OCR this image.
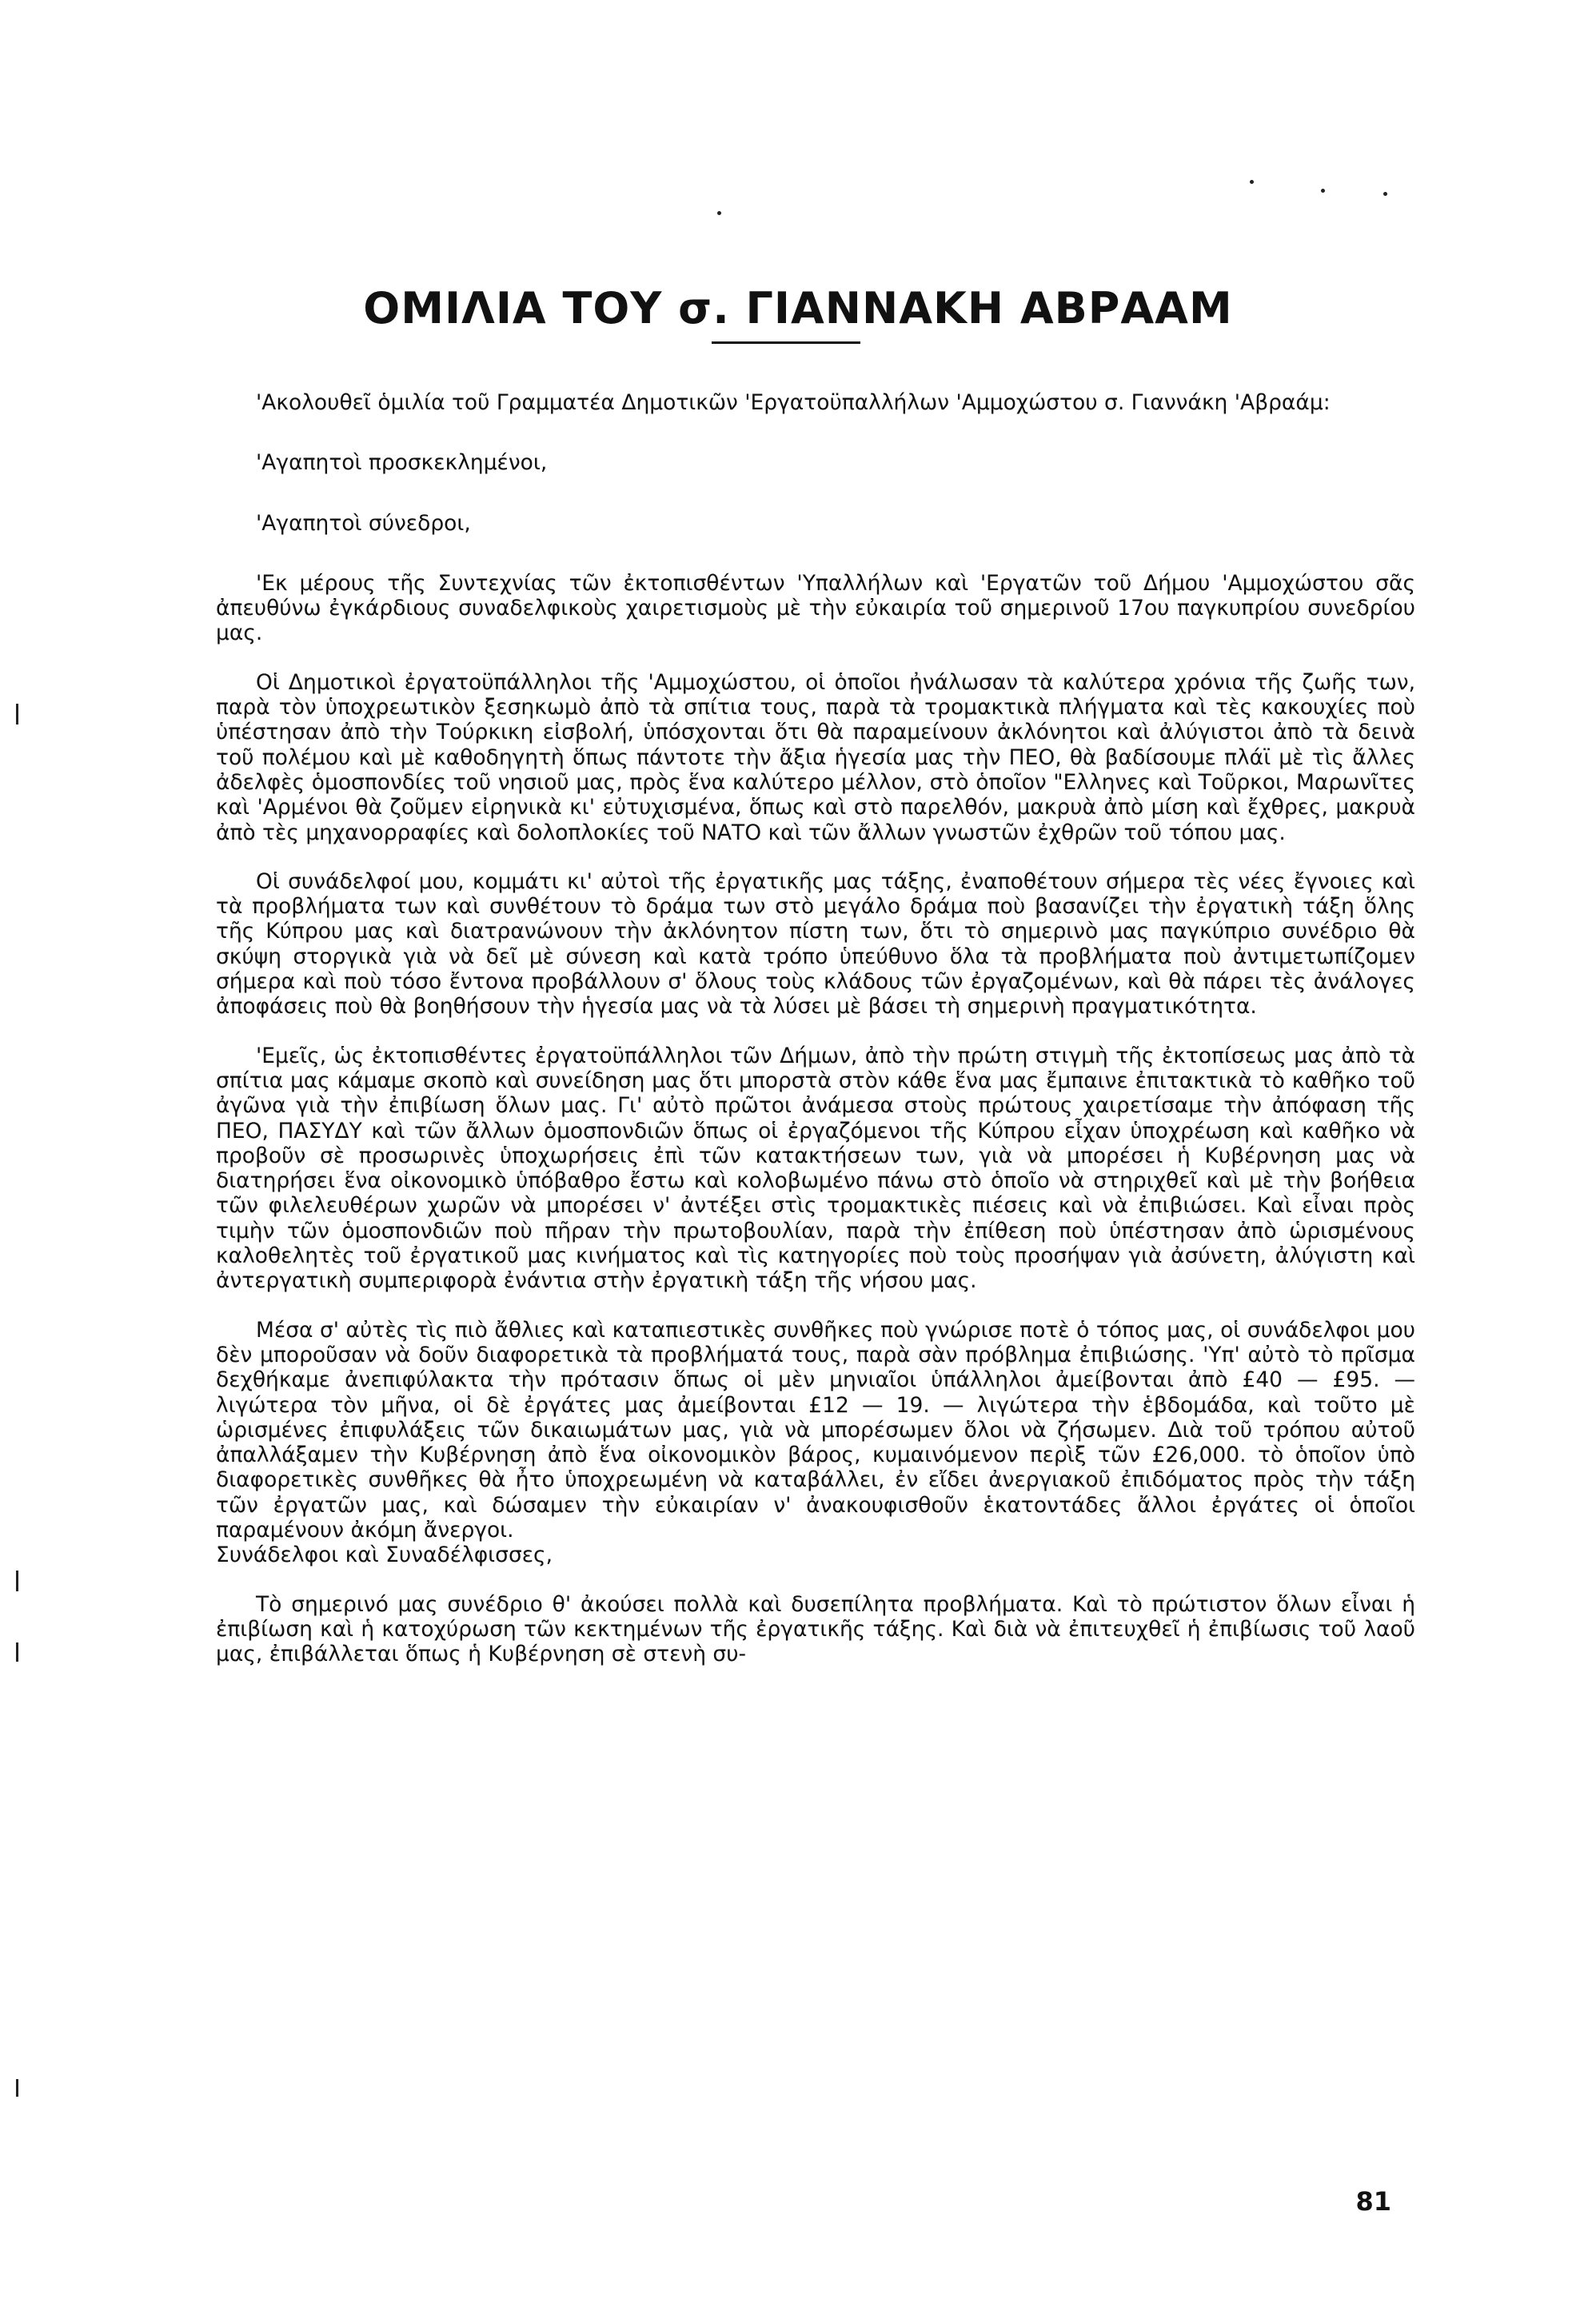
ΟΜΙΛΙΑ ΤΟΥ σ. ΓΙΑΝΝΑΚΗ ΑΒΡΑΑΜ

'Ακολουθεῖ ὁμιλία τοῦ Γραμματέα Δημοτικῶν 'Εργατοϋπαλλήλων 'Αμμοχώστου σ. Γιαννάκη 'Αβραάμ:

'Αγαπητοὶ προσκεκλημένοι,

'Αγαπητοὶ σύνεδροι,

'Εκ μέρους τῆς Συντεχνίας τῶν ἐκτοπισθέντων 'Υπαλλήλων καὶ 'Εργατῶν τοῦ Δήμου 'Αμμοχώστου σᾶς ἀπευθύνω ἐγκάρδιους συναδελφικοὺς χαιρετισμοὺς μὲ τὴν εὐκαιρία τοῦ σημερινοῦ 17ου παγκυπρίου συνεδρίου μας.

Οἱ Δημοτικοὶ ἐργατοϋπάλληλοι τῆς 'Αμμοχώστου, οἱ ὁποῖοι ἠνάλωσαν τὰ καλύτερα χρόνια τῆς ζωῆς των, παρὰ τὸν ὑποχρεωτικὸν ξεσηκωμὸ ἀπὸ τὰ σπίτια τους, παρὰ τὰ τρομακτικὰ πλήγματα καὶ τὲς κακουχίες ποὺ ὑπέστησαν ἀπὸ τὴν Τούρκικη εἰσβολή, ὑπόσχονται ὅτι θὰ παραμείνουν ἀκλόνητοι καὶ ἀλύγιστοι ἀπὸ τὰ δεινὰ τοῦ πολέμου καὶ μὲ καθοδηγητὴ ὅπως πάντοτε τὴν ἄξια ἡγεσία μας τὴν ΠΕΟ, θὰ βαδίσουμε πλάϊ μὲ τὶς ἄλλες ἀδελφὲς ὁμοσπονδίες τοῦ νησιοῦ μας, πρὸς ἕνα καλύτερο μέλλον, στὸ ὁποῖον "Ελληνες καὶ Τοῦρκοι, Μαρωνῖτες καὶ 'Αρμένοι θὰ ζοῦμεν εἰρηνικὰ κι' εὐτυχισμένα, ὅπως καὶ στὸ παρελθόν, μακρυὰ ἀπὸ μίση καὶ ἔχθρες, μακρυὰ ἀπὸ τὲς μηχανορραφίες καὶ δολοπλοκίες τοῦ ΝΑΤΟ καὶ τῶν ἄλλων γνωστῶν ἐχθρῶν τοῦ τόπου μας.

Οἱ συνάδελφοί μου, κομμάτι κι' αὐτοὶ τῆς ἐργατικῆς μας τάξης, ἐναποθέτουν σήμερα τὲς νέες ἔγνοιες καὶ τὰ προβλήματα των καὶ συνθέτουν τὸ δράμα των στὸ μεγάλο δράμα ποὺ βασανίζει τὴν ἐργατικὴ τάξη ὅλης τῆς Κύπρου μας καὶ διατρανώνουν τὴν ἀκλόνητον πίστη των, ὅτι τὸ σημερινὸ μας παγκύπριο συνέδριο θὰ σκύψη στοργικὰ γιὰ νὰ δεῖ μὲ σύνεση καὶ κατὰ τρόπο ὑπεύθυνο ὅλα τὰ προβλήματα ποὺ ἀντιμετωπίζομεν σήμερα καὶ ποὺ τόσο ἔντονα προβάλλουν σ' ὅλους τοὺς κλάδους τῶν ἐργαζομένων, καὶ θὰ πάρει τὲς ἀνάλογες ἀποφάσεις ποὺ θὰ βοηθήσουν τὴν ἡγεσία μας νὰ τὰ λύσει μὲ βάσει τὴ σημερινὴ πραγματικότητα.

'Εμεῖς, ὡς ἐκτοπισθέντες ἐργατοϋπάλληλοι τῶν Δήμων, ἀπὸ τὴν πρώτη στιγμὴ τῆς ἐκτοπίσεως μας ἀπὸ τὰ σπίτια μας κάμαμε σκοπὸ καὶ συνείδηση μας ὅτι μπορστὰ στὸν κάθε ἕνα μας ἔμπαινε ἐπιτακτικὰ τὸ καθῆκο τοῦ ἀγῶνα γιὰ τὴν ἐπιβίωση ὅλων μας. Γι' αὐτὸ πρῶτοι ἀνάμεσα στοὺς πρώτους χαιρετίσαμε τὴν ἀπόφαση τῆς ΠΕΟ, ΠΑΣΥΔΥ καὶ τῶν ἄλλων ὁμοσπονδιῶν ὅπως οἱ ἐργαζόμενοι τῆς Κύπρου εἶχαν ὑποχρέωση καὶ καθῆκο νὰ προβοῦν σὲ προσωρινὲς ὑποχωρήσεις ἐπὶ τῶν κατακτήσεων των, γιὰ νὰ μπορέσει ἡ Κυβέρνηση μας νὰ διατηρήσει ἕνα οἰκονομικὸ ὑπόβαθρο ἔστω καὶ κολοβωμένο πάνω στὸ ὁποῖο νὰ στηριχθεῖ καὶ μὲ τὴν βοήθεια τῶν φιλελευθέρων χωρῶν νὰ μπορέσει ν' ἀντέξει στὶς τρομακτικὲς πιέσεις καὶ νὰ ἐπιβιώσει. Καὶ εἶναι πρὸς τιμὴν τῶν ὁμοσπονδιῶν ποὺ πῆραν τὴν πρωτοβουλίαν, παρὰ τὴν ἐπίθεση ποὺ ὑπέστησαν ἀπὸ ὡρισμένους καλοθελητὲς τοῦ ἐργατικοῦ μας κινήματος καὶ τὶς κατηγορίες ποὺ τοὺς προσήψαν γιὰ ἀσύνετη, ἀλύγιστη καὶ ἀντεργατικὴ συμπεριφορὰ ἐνάντια στὴν ἐργατικὴ τάξη τῆς νήσου μας.

Μέσα σ' αὐτὲς τὶς πιὸ ἄθλιες καὶ καταπιεστικὲς συνθῆκες ποὺ γνώρισε ποτὲ ὁ τόπος μας, οἱ συνάδελφοι μου δὲν μποροῦσαν νὰ δοῦν διαφορετικὰ τὰ προβλήματά τους, παρὰ σὰν πρόβλημα ἐπιβιώσης. 'Υπ' αὐτὸ τὸ πρῖσμα δεχθήκαμε ἀνεπιφύλακτα τὴν πρότασιν ὅπως οἱ μὲν μηνιαῖοι ὑπάλληλοι ἀμείβονται ἀπὸ £40 — £95. — λιγώτερα τὸν μῆνα, οἱ δὲ ἐργάτες μας ἀμείβονται £12 — 19. — λιγώτερα τὴν ἑβδομάδα, καὶ τοῦτο μὲ ὡρισμένες ἐπιφυλάξεις τῶν δικαιωμάτων μας, γιὰ νὰ μπορέσωμεν ὅλοι νὰ ζήσωμεν. Διὰ τοῦ τρόπου αὐτοῦ ἀπαλλάξαμεν τὴν Κυβέρνηση ἀπὸ ἕνα οἰκονομικὸν βάρος, κυμαινόμενον περὶξ τῶν £26,000. τὸ ὁποῖον ὑπὸ διαφορετικὲς συνθῆκες θὰ ἦτο ὑποχρεωμένη νὰ καταβάλλει, ἐν εἴδει ἀνεργιακοῦ ἐπιδόματος πρὸς τὴν τάξη τῶν ἐργατῶν μας, καὶ δώσαμεν τὴν εὐκαιρίαν ν' ἀνακουφισθοῦν ἑκατοντάδες ἄλλοι ἐργάτες οἱ ὁποῖοι παραμένουν ἀκόμη ἄνεργοι.

Συνάδελφοι καὶ Συναδέλφισσες,

Τὸ σημερινό μας συνέδριο θ' ἀκούσει πολλὰ καὶ δυσεπίλητα προβλήματα. Καὶ τὸ πρώτιστον ὅλων εἶναι ἡ ἐπιβίωση καὶ ἡ κατοχύρωση τῶν κεκτημένων τῆς ἐργατικῆς τάξης. Καὶ διὰ νὰ ἐπιτευχθεῖ ἡ ἐπιβίωσις τοῦ λαοῦ μας, ἐπιβάλλεται ὅπως ἡ Κυβέρνηση σὲ στενὴ συ-

81
